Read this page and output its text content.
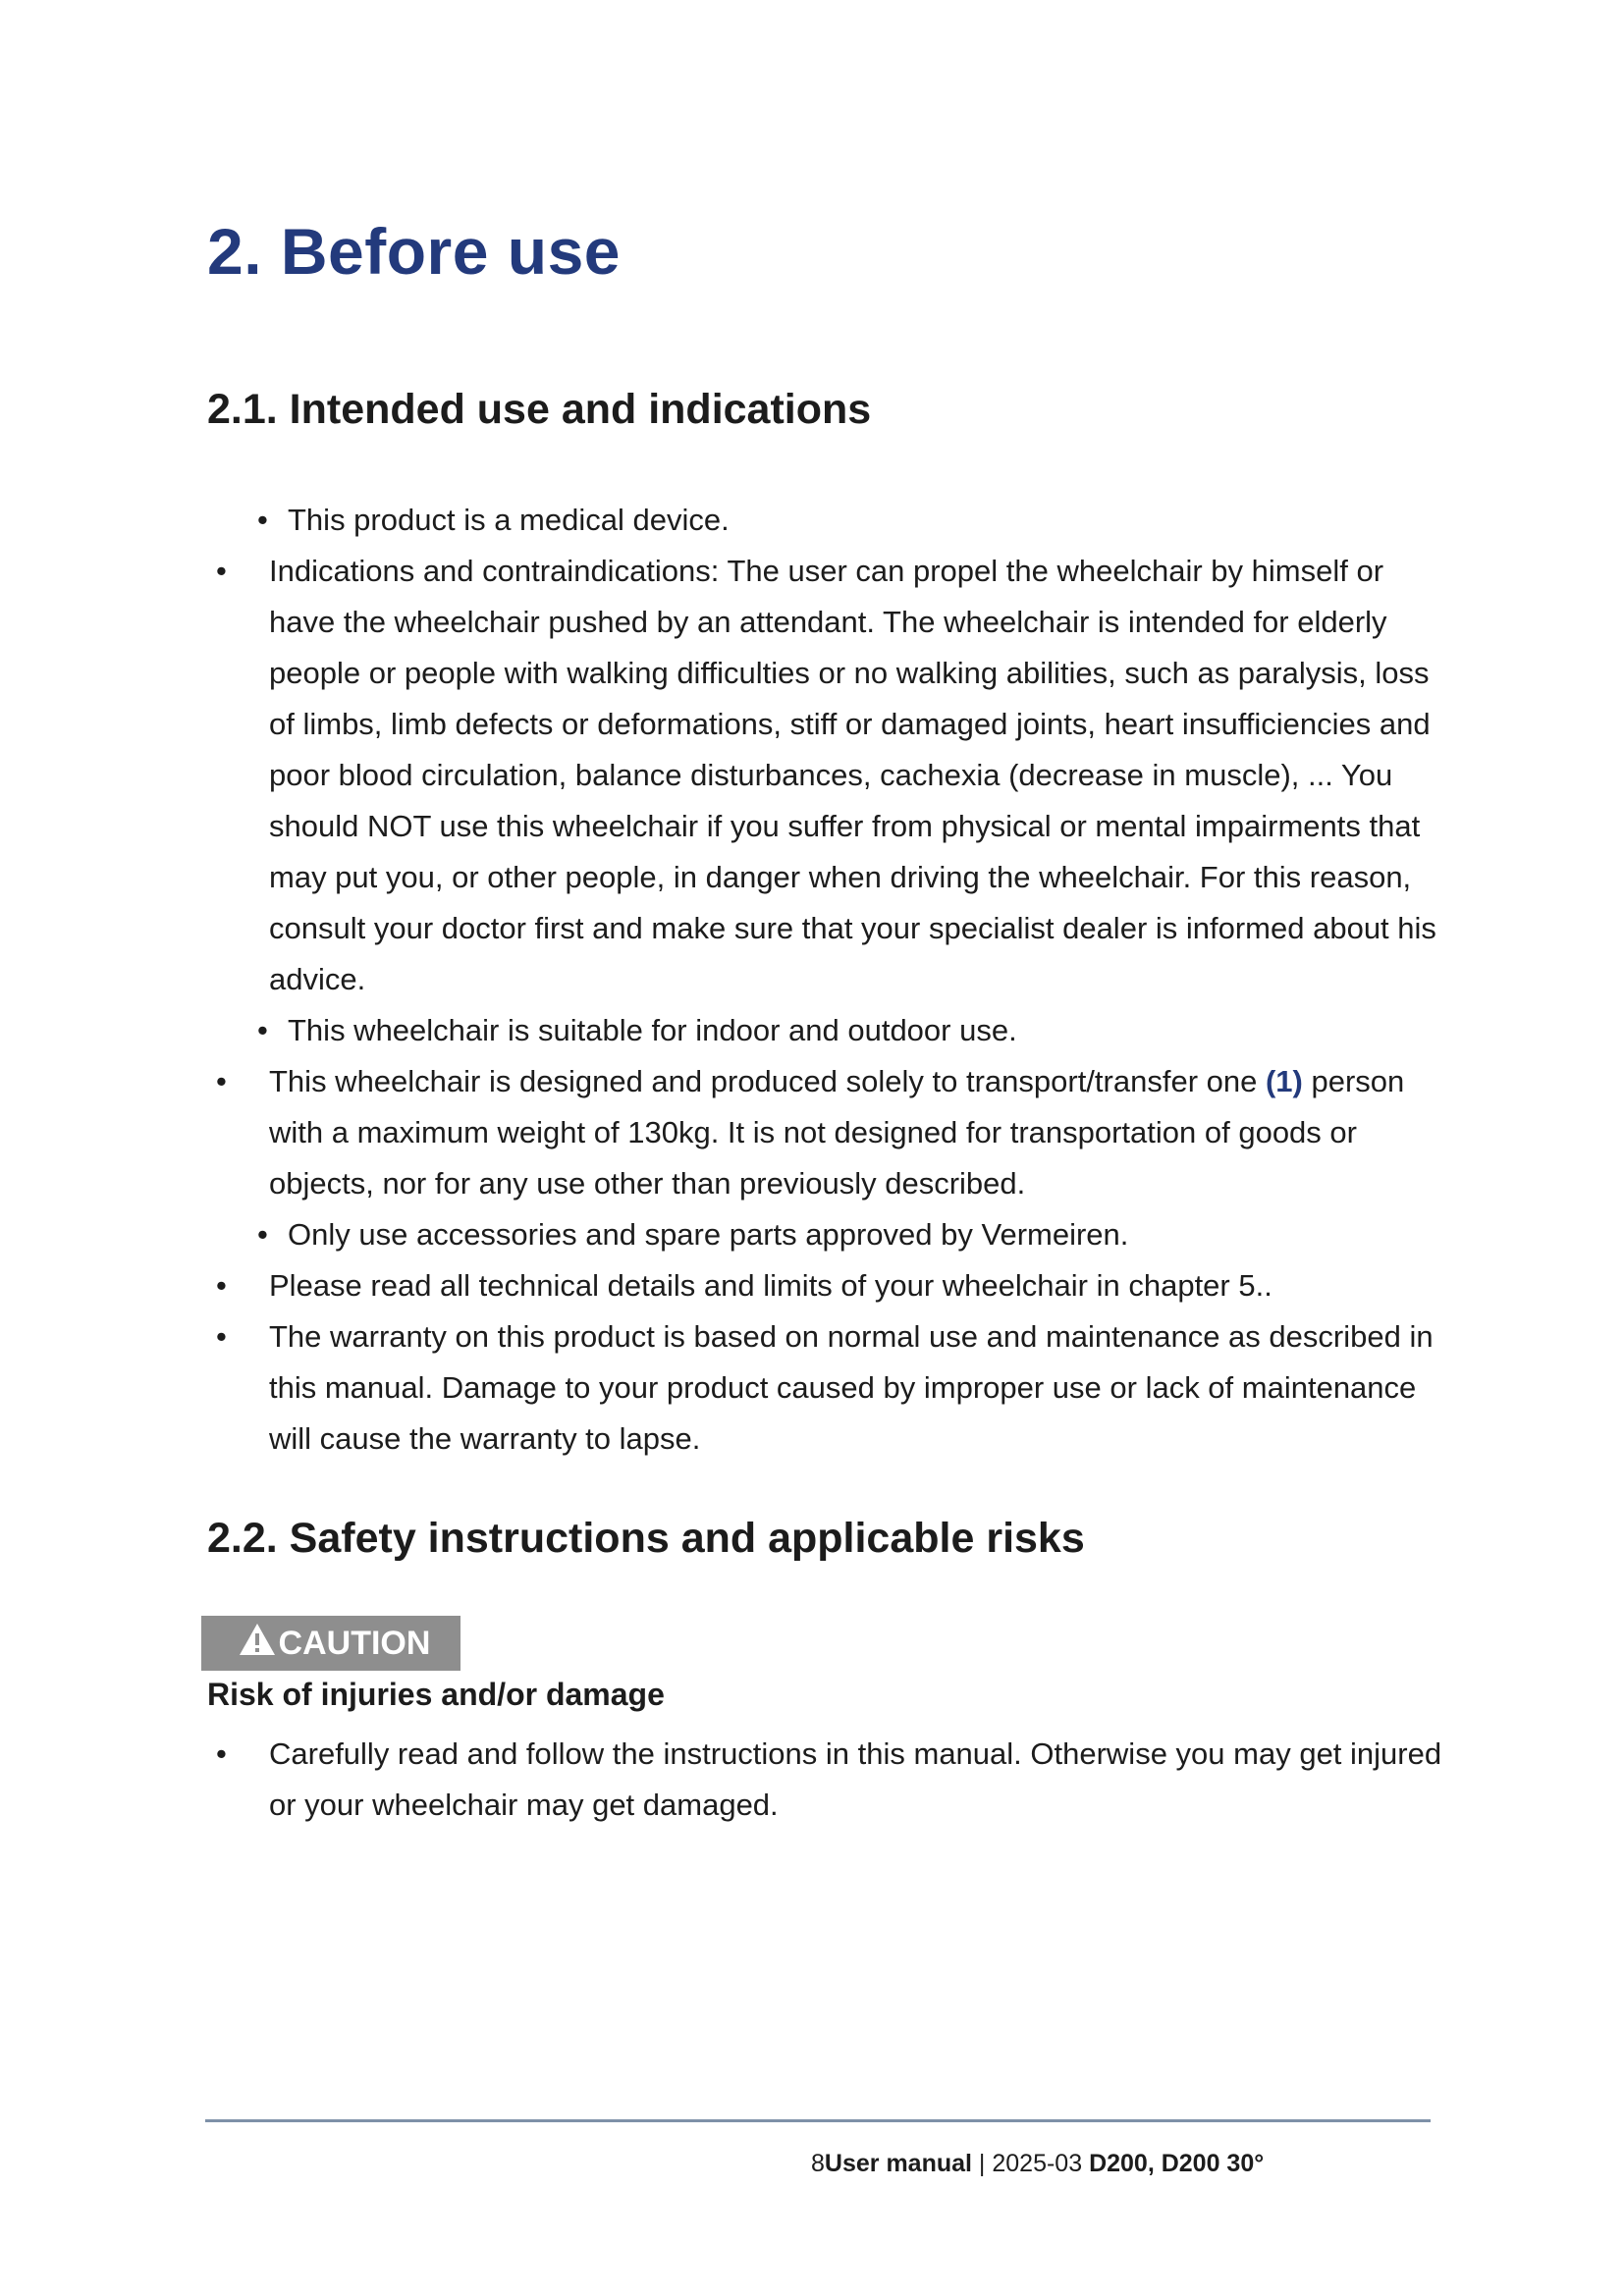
2. Before use
2.1. Intended use and indications
• This product is a medical device.
• Indications and contraindications: The user can propel the wheelchair by himself or have the wheelchair pushed by an attendant. The wheelchair is intended for elderly people or people with walking difficulties or no walking abilities, such as paralysis, loss of limbs, limb defects or deformations, stiff or damaged joints, heart insufficiencies and poor blood circulation, balance disturbances, cachexia (decrease in muscle), ... You should NOT use this wheelchair if you suffer from physical or mental impairments that may put you, or other people, in danger when driving the wheelchair. For this reason, consult your doctor first and make sure that your specialist dealer is informed about his advice.
• This wheelchair is suitable for indoor and outdoor use.
• This wheelchair is designed and produced solely to transport/transfer one (1) person with a maximum weight of 130kg. It is not designed for transportation of goods or objects, nor for any use other than previously described.
• Only use accessories and spare parts approved by Vermeiren.
• Please read all technical details and limits of your wheelchair in chapter 5..
• The warranty on this product is based on normal use and maintenance as described in this manual. Damage to your product caused by improper use or lack of maintenance will cause the warranty to lapse.
2.2. Safety instructions and applicable risks
CAUTION
Risk of injuries and/or damage
• Carefully read and follow the instructions in this manual. Otherwise you may get injured or your wheelchair may get damaged.
8User manual | 2025-03 D200, D200 30°
